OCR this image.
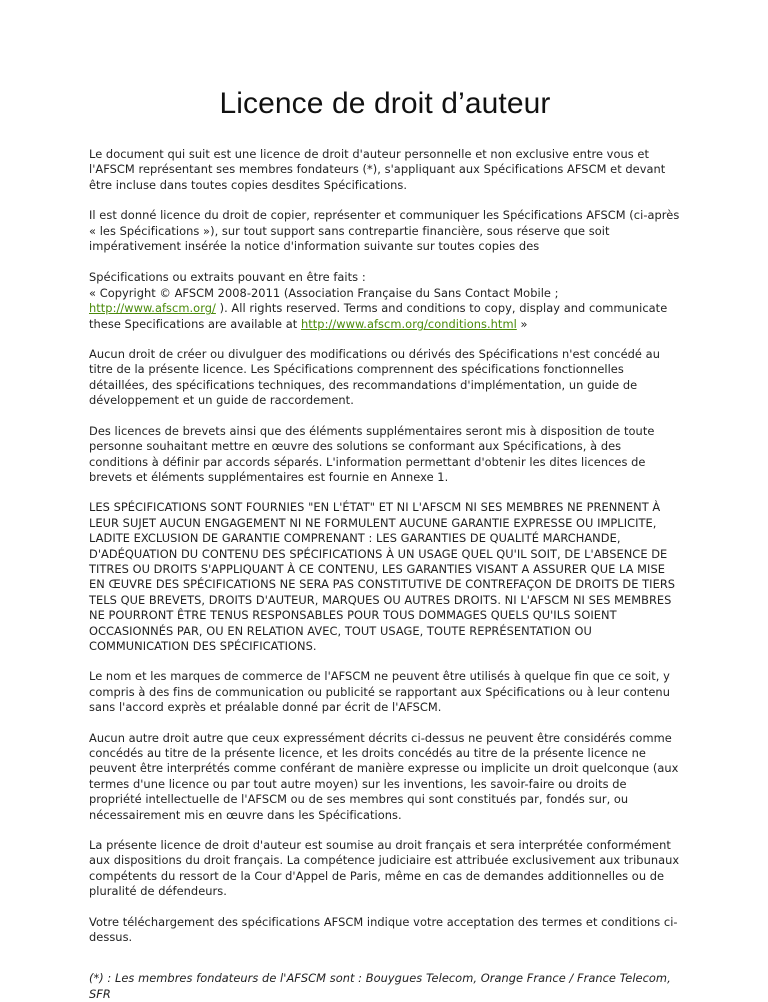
Licence de droit d’auteur

Le document qui suit est une licence de droit d'auteur personnelle et non exclusive entre vous et l'AFSCM représentant ses membres fondateurs (*), s'appliquant aux Spécifications AFSCM et devant être incluse dans toutes copies desdites Spécifications.

Il est donné licence du droit de copier, représenter et communiquer les Spécifications AFSCM (ci-après « les Spécifications »), sur tout support sans contrepartie financière, sous réserve que soit impérativement insérée la notice d'information suivante sur toutes copies des

Spécifications ou extraits pouvant en être faits :
« Copyright © AFSCM 2008-2011 (Association Française du Sans Contact Mobile ; http://www.afscm.org/ ). All rights reserved. Terms and conditions to copy, display and communicate these Specifications are available at http://www.afscm.org/conditions.html »

Aucun droit de créer ou divulguer des modifications ou dérivés des Spécifications n'est concédé au titre de la présente licence. Les Spécifications comprennent des spécifications fonctionnelles détaillées, des spécifications techniques, des recommandations d'implémentation, un guide de développement et un guide de raccordement.

Des licences de brevets ainsi que des éléments supplémentaires seront mis à disposition de toute personne souhaitant mettre en œuvre des solutions se conformant aux Spécifications, à des conditions à définir par accords séparés. L'information permettant d'obtenir les dites licences de brevets et éléments supplémentaires est fournie en Annexe 1.

LES SPÉCIFICATIONS SONT FOURNIES "EN L'ÉTAT" ET NI L'AFSCM NI SES MEMBRES NE PRENNENT À LEUR SUJET AUCUN ENGAGEMENT NI NE FORMULENT AUCUNE GARANTIE EXPRESSE OU IMPLICITE, LADITE EXCLUSION DE GARANTIE COMPRENANT : LES GARANTIES DE QUALITÉ MARCHANDE, D'ADÉQUATION DU CONTENU DES SPÉCIFICATIONS À UN USAGE QUEL QU'IL SOIT, DE L'ABSENCE DE TITRES OU DROITS S'APPLIQUANT À CE CONTENU, LES GARANTIES VISANT A ASSURER QUE LA MISE EN ŒUVRE DES SPÉCIFICATIONS NE SERA PAS CONSTITUTIVE DE CONTREFAÇON DE DROITS DE TIERS TELS QUE BREVETS, DROITS D'AUTEUR, MARQUES OU AUTRES DROITS. NI L'AFSCM NI SES MEMBRES NE POURRONT ÊTRE TENUS RESPONSABLES POUR TOUS DOMMAGES QUELS QU'ILS SOIENT OCCASIONNÉS PAR, OU EN RELATION AVEC, TOUT USAGE, TOUTE REPRÉSENTATION OU COMMUNICATION DES SPÉCIFICATIONS.

Le nom et les marques de commerce de l'AFSCM ne peuvent être utilisés à quelque fin que ce soit, y compris à des fins de communication ou publicité se rapportant aux Spécifications ou à leur contenu sans l'accord exprès et préalable donné par écrit de l'AFSCM.

Aucun autre droit autre que ceux expressément décrits ci-dessus ne peuvent être considérés comme concédés au titre de la présente licence, et les droits concédés au titre de la présente licence ne peuvent être interprétés comme conférant de manière expresse ou implicite un droit quelconque (aux termes d'une licence ou par tout autre moyen) sur les inventions, les savoir-faire ou droits de propriété intellectuelle de l'AFSCM ou de ses membres qui sont constitués par, fondés sur, ou nécessairement mis en œuvre dans les Spécifications.

La présente licence de droit d'auteur est soumise au droit français et sera interprétée conformément aux dispositions du droit français. La compétence judiciaire est attribuée exclusivement aux tribunaux compétents du ressort de la Cour d'Appel de Paris, même en cas de demandes additionnelles ou de pluralité de défendeurs.

Votre téléchargement des spécifications AFSCM indique votre acceptation des termes et conditions ci-dessus.

(*) : Les membres fondateurs de l'AFSCM sont : Bouygues Telecom, Orange France / France Telecom, SFR
